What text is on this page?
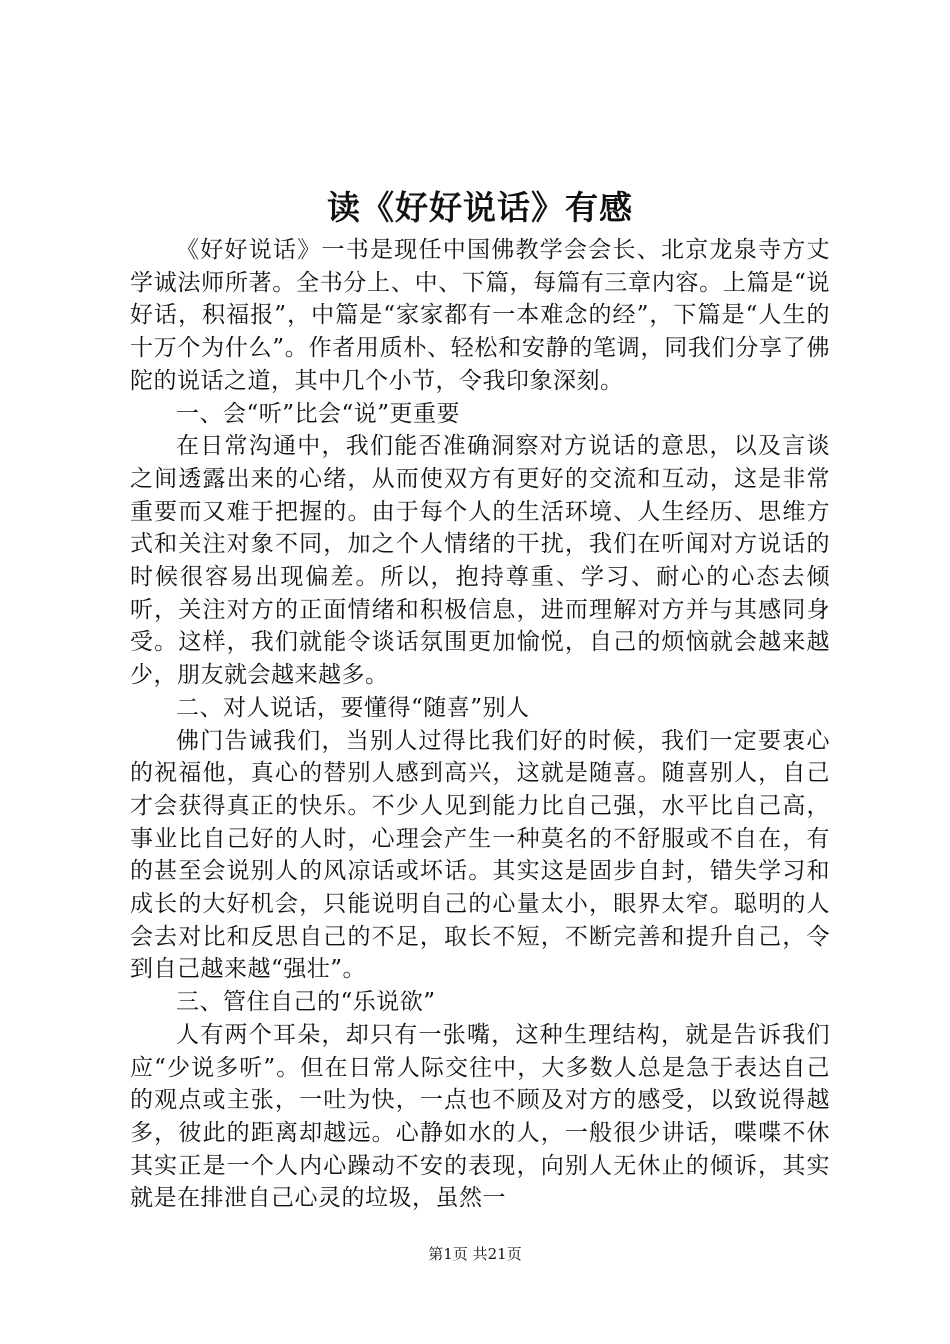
读《好好说话》有感

《好好说话》一书是现任中国佛教学会会长、北京龙泉寺方丈学诚法师所著。全书分上、中、下篇，每篇有三章内容。上篇是“说好话，积福报”，中篇是“家家都有一本难念的经”，下篇是“人生的十万个为什么”。作者用质朴、轻松和安静的笔调，同我们分享了佛陀的说话之道，其中几个小节，令我印象深刻。

一、会“听”比会“说”更重要

在日常沟通中，我们能否准确洞察对方说话的意思，以及言谈之间透露出来的心绪，从而使双方有更好的交流和互动，这是非常重要而又难于把握的。由于每个人的生活环境、人生经历、思维方式和关注对象不同，加之个人情绪的干扰，我们在听闻对方说话的时候很容易出现偏差。所以，抱持尊重、学习、耐心的心态去倾听，关注对方的正面情绪和积极信息，进而理解对方并与其感同身受。这样，我们就能令谈话氛围更加愉悦，自己的烦恼就会越来越少，朋友就会越来越多。

二、对人说话，要懂得“随喜”别人

佛门告诫我们，当别人过得比我们好的时候，我们一定要衷心的祝福他，真心的替别人感到高兴，这就是随喜。随喜别人，自己才会获得真正的快乐。不少人见到能力比自己强，水平比自己高，事业比自己好的人时，心理会产生一种莫名的不舒服或不自在，有的甚至会说别人的风凉话或坏话。其实这是固步自封，错失学习和成长的大好机会，只能说明自己的心量太小，眼界太窄。聪明的人会去对比和反思自己的不足，取长不短，不断完善和提升自己，令到自己越来越“强壮”。

三、管住自己的“乐说欲”

人有两个耳朵，却只有一张嘴，这种生理结构，就是告诉我们应“少说多听”。但在日常人际交往中，大多数人总是急于表达自己的观点或主张，一吐为快，一点也不顾及对方的感受，以致说得越多，彼此的距离却越远。心静如水的人，一般很少讲话，喋喋不休其实正是一个人内心躁动不安的表现，向别人无休止的倾诉，其实就是在排泄自己心灵的垃圾，虽然一

第1页 共21页
